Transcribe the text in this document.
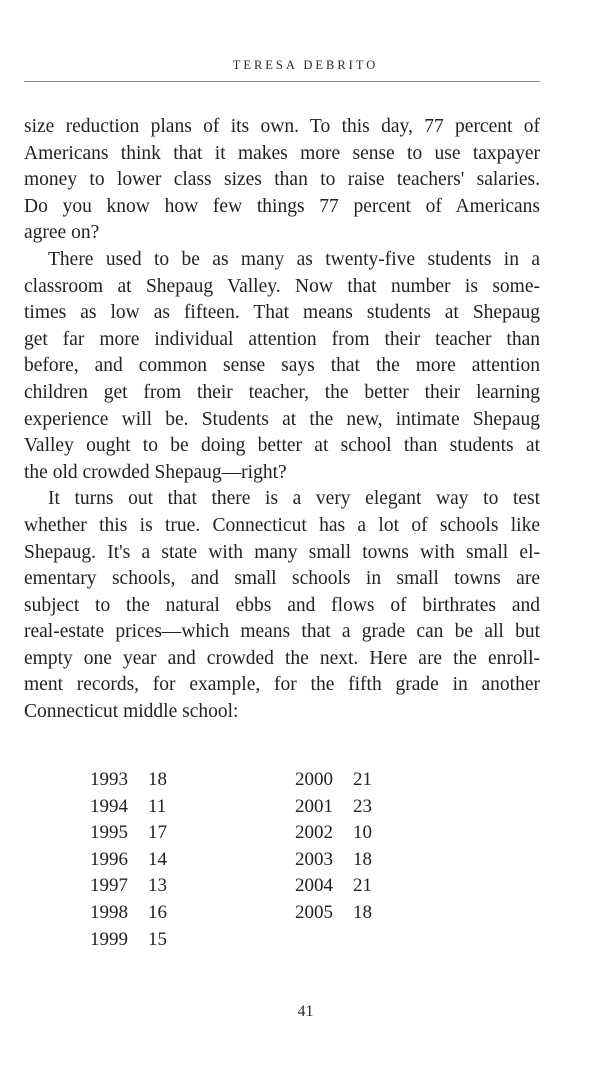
TERESA DEBRITO
size reduction plans of its own. To this day, 77 percent of
Americans think that it makes more sense to use taxpayer
money to lower class sizes than to raise teachers' salaries.
Do you know how few things 77 percent of Americans
agree on?
There used to be as many as twenty-five students in a
classroom at Shepaug Valley. Now that number is some-
times as low as fifteen. That means students at Shepaug
get far more individual attention from their teacher than
before, and common sense says that the more attention
children get from their teacher, the better their learning
experience will be. Students at the new, intimate Shepaug
Valley ought to be doing better at school than students at
the old crowded Shepaug—right?
It turns out that there is a very elegant way to test
whether this is true. Connecticut has a lot of schools like
Shepaug. It's a state with many small towns with small el-
ementary schools, and small schools in small towns are
subject to the natural ebbs and flows of birthrates and
real-estate prices—which means that a grade can be all but
empty one year and crowded the next. Here are the enroll-
ment records, for example, for the fifth grade in another
Connecticut middle school:
1993	18
1994	11
1995	17
1996	14
1997	13
1998	16
1999	15
2000	21
2001	23
2002	10
2003	18
2004	21
2005	18
41
